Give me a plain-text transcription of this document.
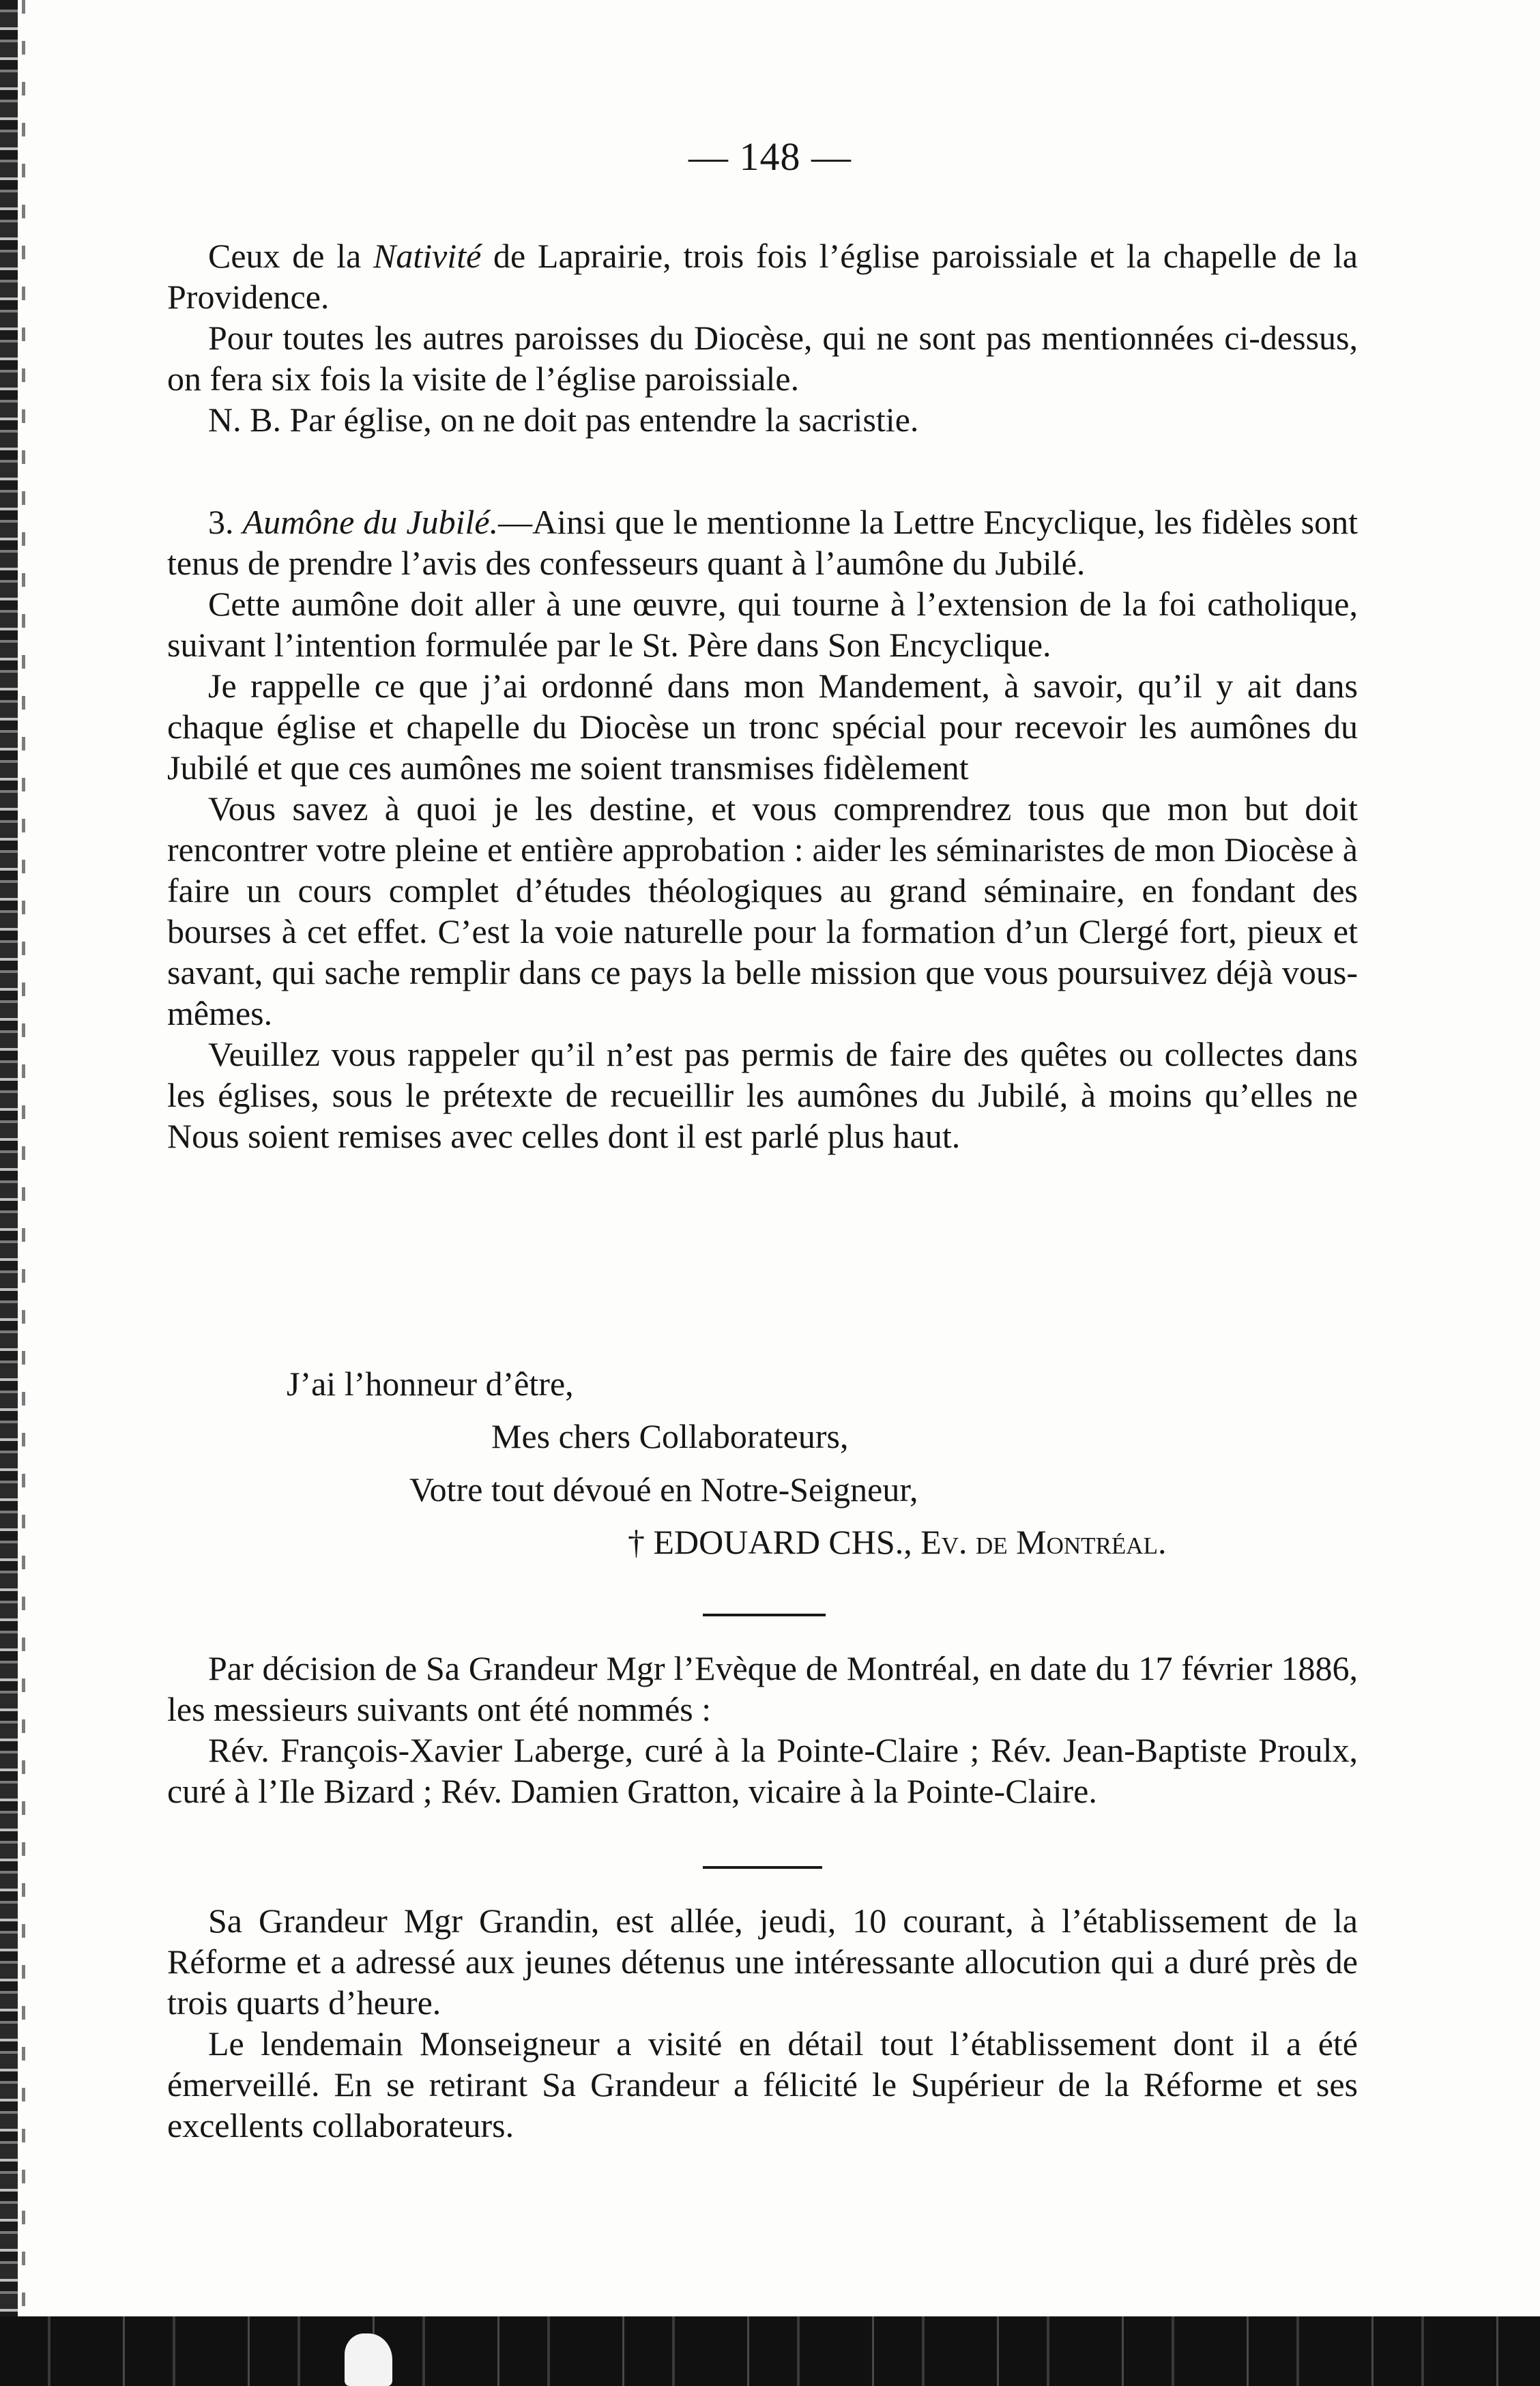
— 148 —

Ceux de la Nativité de Laprairie, trois fois l’église paroissiale et la chapelle de la Providence.

Pour toutes les autres paroisses du Diocèse, qui ne sont pas mentionnées ci-dessus, on fera six fois la visite de l’église paroissiale.

N. B. Par église, on ne doit pas entendre la sacristie.

3. Aumône du Jubilé.—Ainsi que le mentionne la Lettre Encyclique, les fidèles sont tenus de prendre l’avis des confesseurs quant à l’aumône du Jubilé.

Cette aumône doit aller à une œuvre, qui tourne à l’extension de la foi catholique, suivant l’intention formulée par le St. Père dans Son Encyclique.

Je rappelle ce que j’ai ordonné dans mon Mandement, à savoir, qu’il y ait dans chaque église et chapelle du Diocèse un tronc spécial pour recevoir les aumônes du Jubilé et que ces aumônes me soient transmises fidèlement

Vous savez à quoi je les destine, et vous comprendrez tous que mon but doit rencontrer votre pleine et entière approbation : aider les séminaristes de mon Diocèse à faire un cours complet d’études théologiques au grand séminaire, en fondant des bourses à cet effet. C’est la voie naturelle pour la formation d’un Clergé fort, pieux et savant, qui sache remplir dans ce pays la belle mission que vous poursuivez déjà vous-mêmes.

Veuillez vous rappeler qu’il n’est pas permis de faire des quêtes ou collectes dans les églises, sous le prétexte de recueillir les aumônes du Jubilé, à moins qu’elles ne Nous soient remises avec celles dont il est parlé plus haut.

J’ai l’honneur d’être,
Mes chers Collaborateurs,
Votre tout dévoué en Notre-Seigneur,
† EDOUARD CHS., Ev. de Montréal.

Par décision de Sa Grandeur Mgr l’Evèque de Montréal, en date du 17 février 1886, les messieurs suivants ont été nommés :

Rév. François-Xavier Laberge, curé à la Pointe-Claire ; Rév. Jean-Baptiste Proulx, curé à l’Ile Bizard ; Rév. Damien Gratton, vicaire à la Pointe-Claire.

Sa Grandeur Mgr Grandin, est allée, jeudi, 10 courant, à l’établissement de la Réforme et a adressé aux jeunes détenus une intéressante allocution qui a duré près de trois quarts d’heure.

Le lendemain Monseigneur a visité en détail tout l’établissement dont il a été émerveillé. En se retirant Sa Grandeur a félicité le Supérieur de la Réforme et ses excellents collaborateurs.
